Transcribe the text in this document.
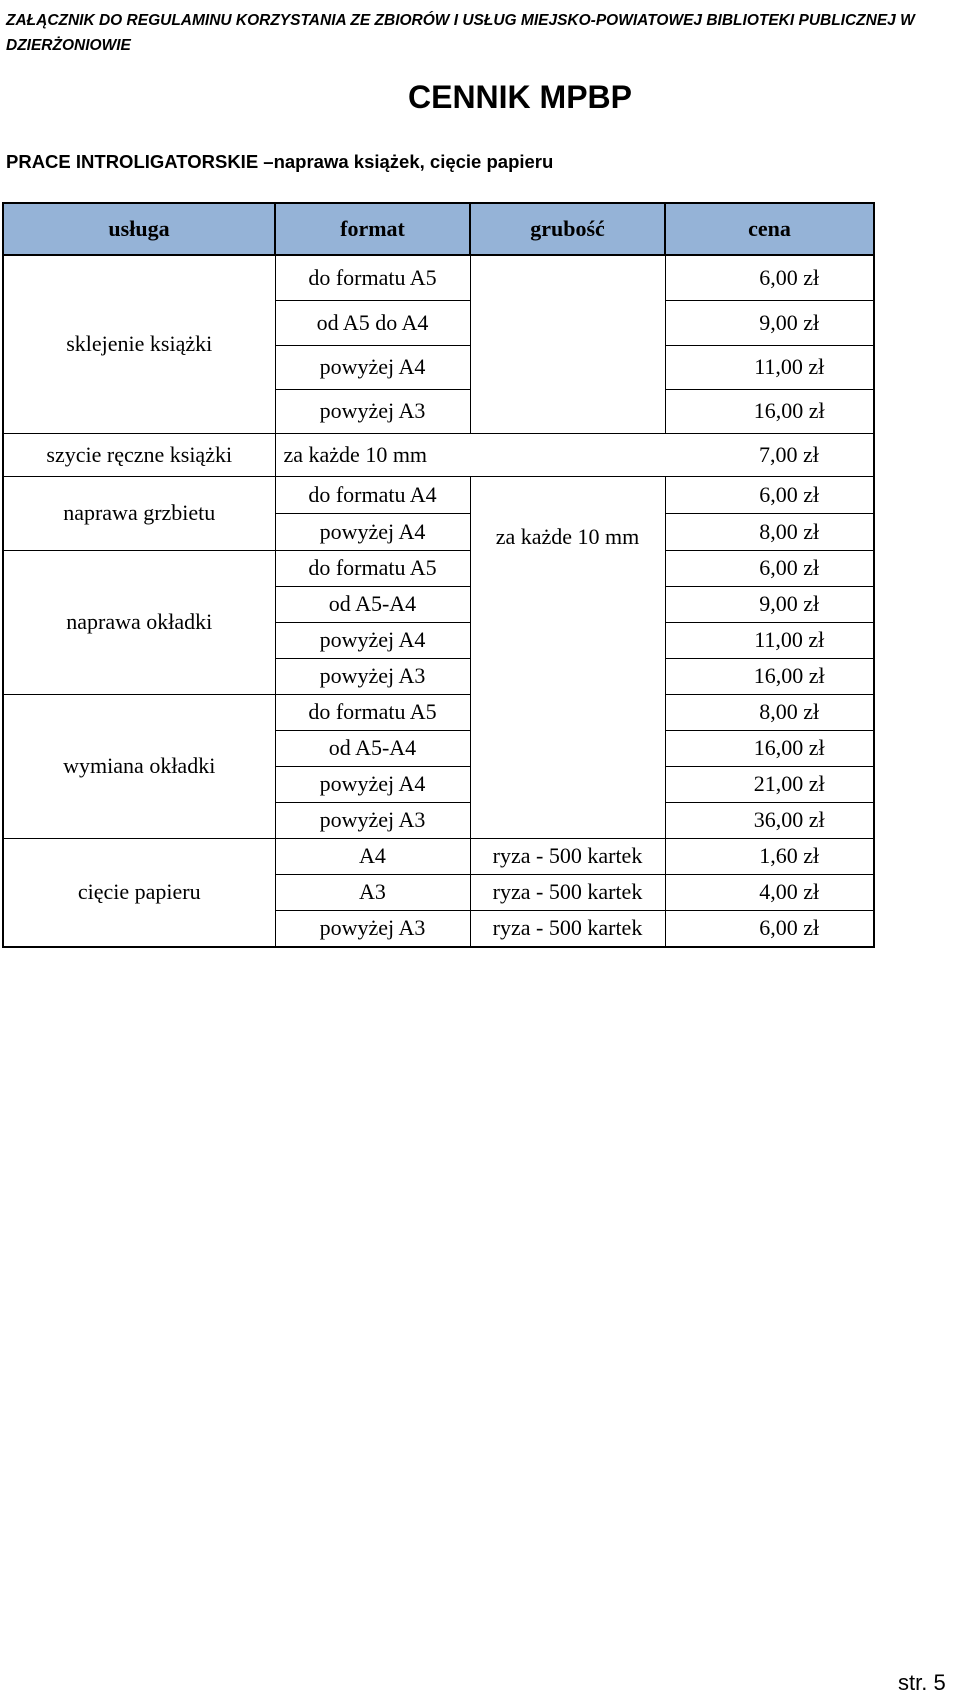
ZAŁĄCZNIK DO REGULAMINU KORZYSTANIA ZE ZBIORÓW I USŁUG MIEJSKO-POWIATOWEJ BIBLIOTEKI PUBLICZNEJ W
DZIERŻONIOWIE

CENNIK MPBP
PRACE INTROLIGATORSKIE –naprawa książek, cięcie papieru
usługa	format	grubość	cena
sklejenie książki	do formatu A5		6,00 zł
	od A5 do A4		9,00 zł
	powyżej A4		11,00 zł
	powyżej A3		16,00 zł
szycie ręczne książki	za każde 10 mm		7,00 zł
naprawa grzbietu	do formatu A4	za każde 10 mm	6,00 zł
	powyżej A4		8,00 zł
naprawa okładki	do formatu A5		6,00 zł
	od A5-A4		9,00 zł
	powyżej A4		11,00 zł
	powyżej A3		16,00 zł
wymiana okładki	do formatu A5		8,00 zł
	od A5-A4		16,00 zł
	powyżej A4		21,00 zł
	powyżej A3		36,00 zł
cięcie papieru	A4	ryza - 500 kartek	1,60 zł
	A3	ryza - 500 kartek	4,00 zł
	powyżej A3	ryza - 500 kartek	6,00 zł

str. 5
